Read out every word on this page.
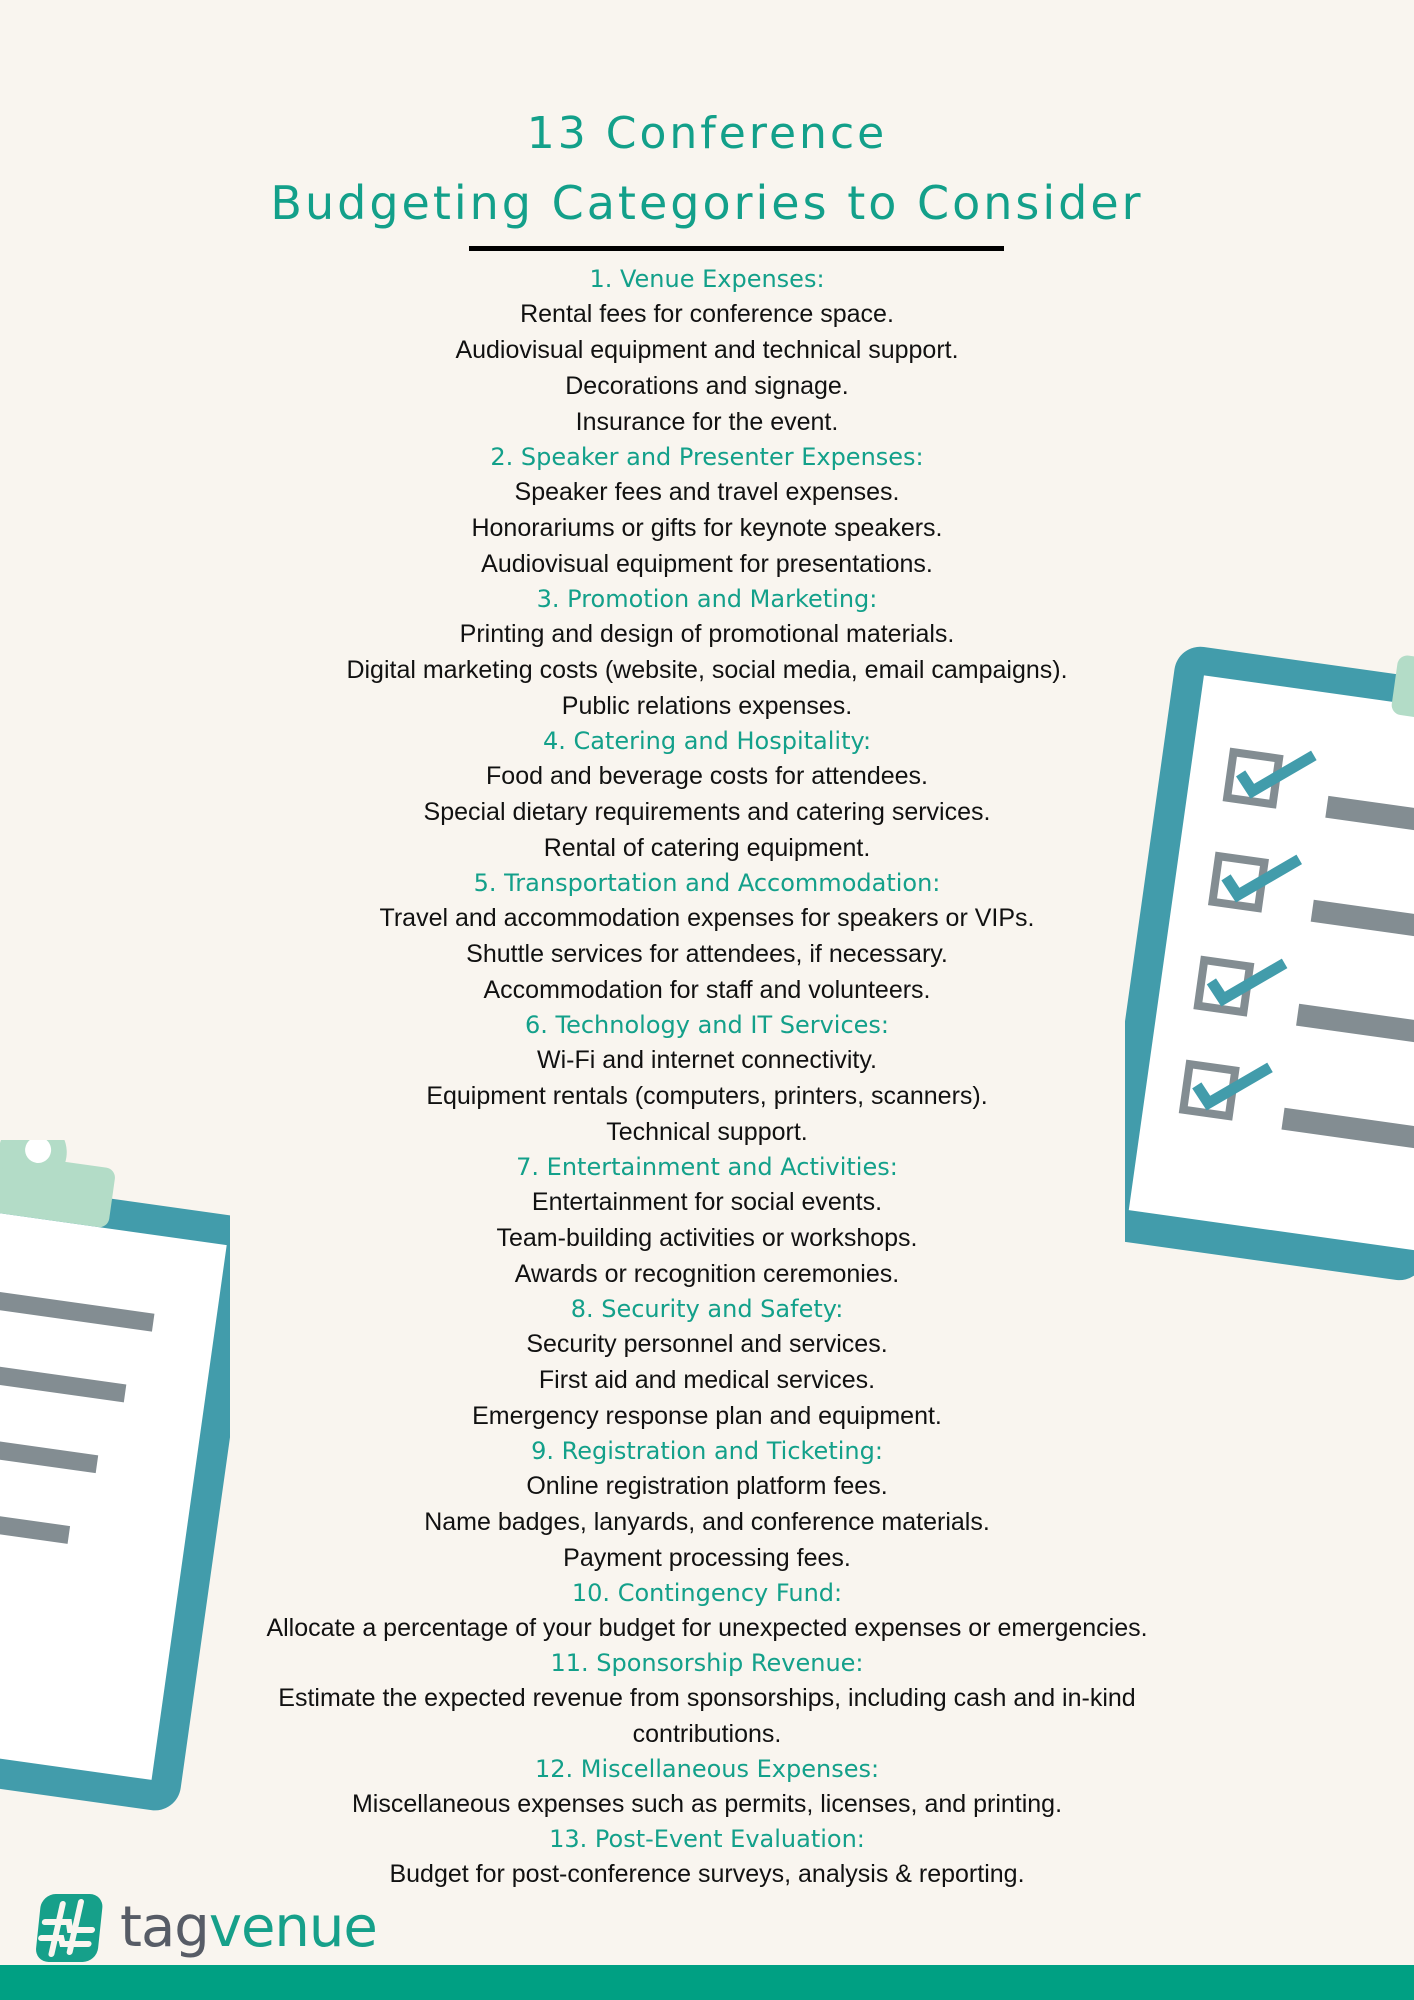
13 Conference
Budgeting Categories to Consider
1. Venue Expenses:

Rental fees for conference space.

Audiovisual equipment and technical support.

Decorations and signage.

Insurance for the event.

2. Speaker and Presenter Expenses:

Speaker fees and travel expenses.

Honorariums or gifts for keynote speakers.

Audiovisual equipment for presentations.

3. Promotion and Marketing:

Printing and design of promotional materials.

Digital marketing costs (website, social media, email campaigns).

Public relations expenses.

4. Catering and Hospitality:

Food and beverage costs for attendees.

Special dietary requirements and catering services.

Rental of catering equipment.

5. Transportation and Accommodation:

Travel and accommodation expenses for speakers or VIPs.

Shuttle services for attendees, if necessary.

Accommodation for staff and volunteers.

6. Technology and IT Services:

Wi-Fi and internet connectivity.

Equipment rentals (computers, printers, scanners).

Technical support.

7. Entertainment and Activities:

Entertainment for social events.

Team-building activities or workshops.

Awards or recognition ceremonies.

8. Security and Safety:

Security personnel and services.

First aid and medical services.

Emergency response plan and equipment.

9. Registration and Ticketing:

Online registration platform fees.

Name badges, lanyards, and conference materials.

Payment processing fees.

10. Contingency Fund:

Allocate a percentage of your budget for unexpected expenses or emergencies.

11. Sponsorship Revenue:

Estimate the expected revenue from sponsorships, including cash and in-kind contributions.

12. Miscellaneous Expenses:

Miscellaneous expenses such as permits, licenses, and printing.

13. Post-Event Evaluation:

Budget for post-conference surveys, analysis & reporting.

tagvenue
